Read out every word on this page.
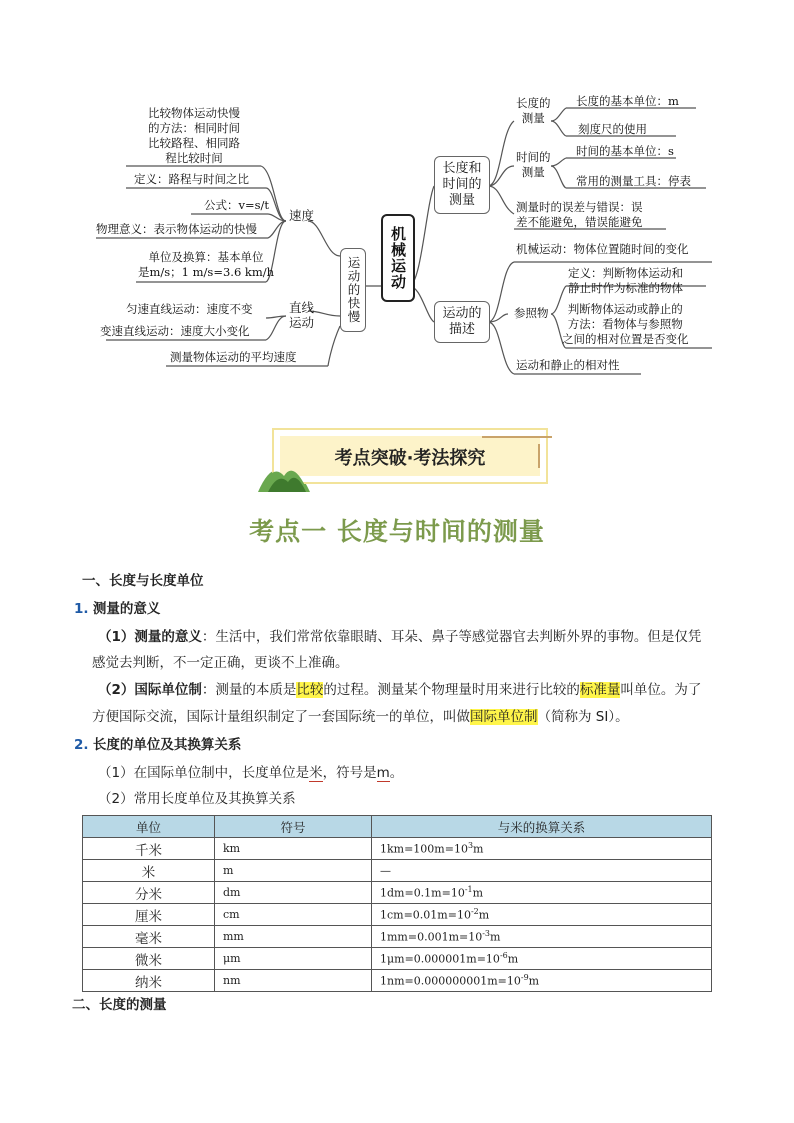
机械运动
运动的快慢
长度和
时间的
测量
运动的
描述
比较物体运动快慢
的方法：相同时间
比较路程、相同路
程比较时间
定义：路程与时间之比
公式：v=s/t
物理意义：表示物体运动的快慢
单位及换算：基本单位
是m/s；1 m/s=3.6 km/h
速度
直线
运动
匀速直线运动：速度不变
变速直线运动：速度大小变化
测量物体运动的平均速度
长度的
测量
长度的基本单位：m
刻度尺的使用
时间的
测量
时间的基本单位：s
常用的测量工具：停表
测量时的误差与错误：误
差不能避免，错误能避免
机械运动：物体位置随时间的变化
参照物
定义：判断物体运动和
静止时作为标准的物体
判断物体运动或静止的
方法：看物体与参照物
之间的相对位置是否变化
运动和静止的相对性
考点突破·考法探究
考点一 长度与时间的测量
一、长度与长度单位
1. 测量的意义
（1）测量的意义：生活中，我们常常依靠眼睛、耳朵、鼻子等感觉器官去判断外界的事物。但是仅凭
感觉去判断，不一定正确，更谈不上准确。
（2）国际单位制：测量的本质是比较的过程。测量某个物理量时用来进行比较的标准量叫单位。为了
方便国际交流，国际计量组织制定了一套国际统一的单位，叫做国际单位制（简称为 SI）。
2. 长度的单位及其换算关系
（1）在国际单位制中，长度单位是米，符号是m。
（2）常用长度单位及其换算关系
单位	符号	与米的换算关系
千米	km	$1km=100m=10^3m$
米	m	—
分米	dm	$1dm=0.1m=10^{-1}m$
厘米	cm	$1cm=0.01m=10^{-2}m$
毫米	mm	$1mm=0.001m=10^{-3}m$
微米	μm	$1\mu m=0.000001m=10^{-6}m$
纳米	nm	$1nm=0.000000001m=10^{-9}m$
二、长度的测量
